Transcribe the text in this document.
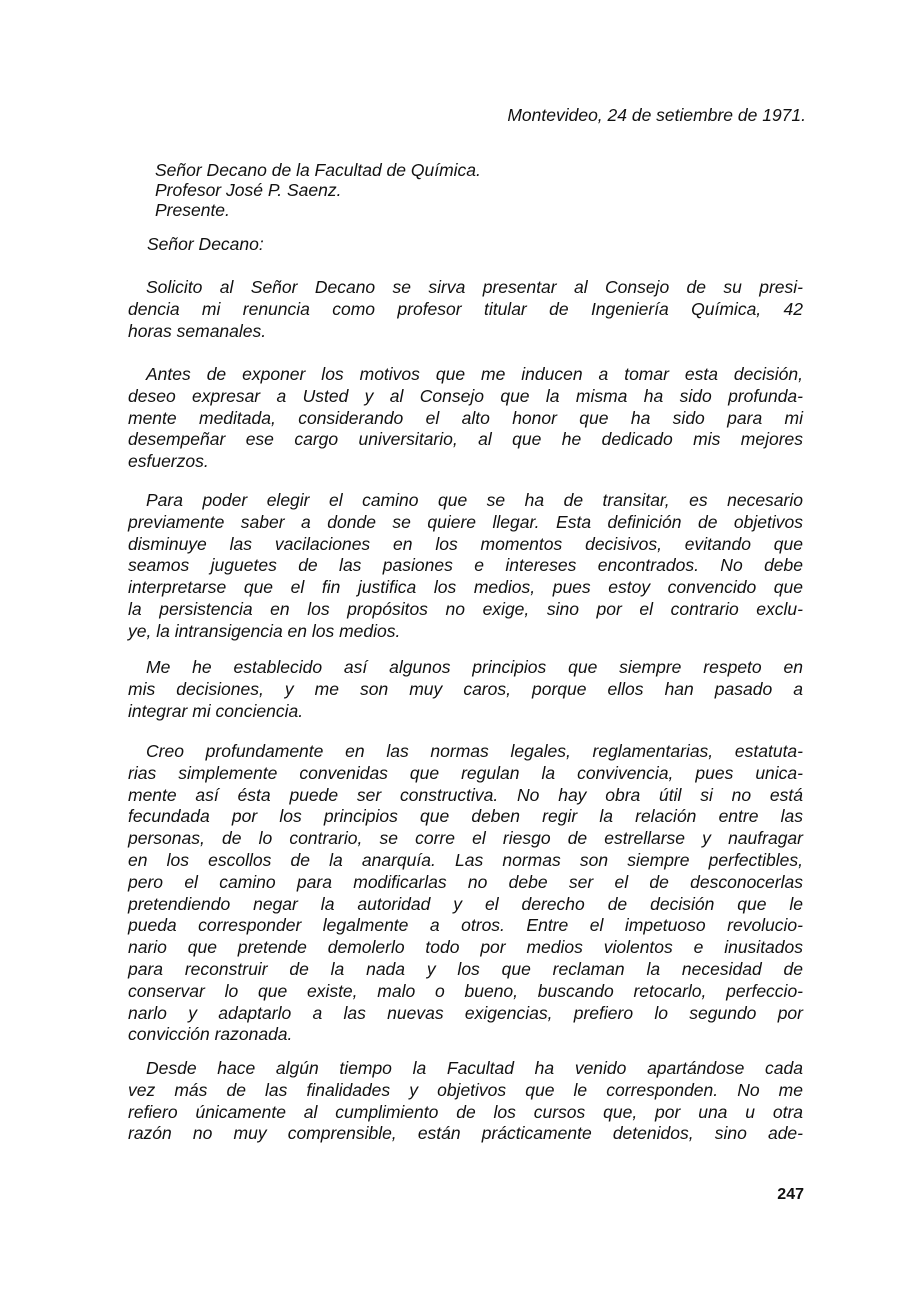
Montevideo, 24 de setiembre de 1971.
Señor Decano de la Facultad de Química.
Profesor José P. Saenz.
Presente.
Señor Decano:
Solicito al Señor Decano se sirva presentar al Consejo de su presi-
dencia mi renuncia como profesor titular de Ingeniería Química, 42
horas semanales.
Antes de exponer los motivos que me inducen a tomar esta decisión,
deseo expresar a Usted y al Consejo que la misma ha sido profunda-
mente meditada, considerando el alto honor que ha sido para mi
desempeñar ese cargo universitario, al que he dedicado mis mejores
esfuerzos.
Para poder elegir el camino que se ha de transitar, es necesario
previamente saber a donde se quiere llegar. Esta definición de objetivos
disminuye las vacilaciones en los momentos decisivos, evitando que
seamos juguetes de las pasiones e intereses encontrados. No debe
interpretarse que el fin justifica los medios, pues estoy convencido que
la persistencia en los propósitos no exige, sino por el contrario exclu-
ye, la intransigencia en los medios.
Me he establecido así algunos principios que siempre respeto en
mis decisiones, y me son muy caros, porque ellos han pasado a
integrar mi conciencia.
Creo profundamente en las normas legales, reglamentarias, estatuta-
rias simplemente convenidas que regulan la convivencia, pues unica-
mente así ésta puede ser constructiva. No hay obra útil si no está
fecundada por los principios que deben regir la relación entre las
personas, de lo contrario, se corre el riesgo de estrellarse y naufragar
en los escollos de la anarquía. Las normas son siempre perfectibles,
pero el camino para modificarlas no debe ser el de desconocerlas
pretendiendo negar la autoridad y el derecho de decisión que le
pueda corresponder legalmente a otros. Entre el impetuoso revolucio-
nario que pretende demolerlo todo por medios violentos e inusitados
para reconstruir de la nada y los que reclaman la necesidad de
conservar lo que existe, malo o bueno, buscando retocarlo, perfeccio-
narlo y adaptarlo a las nuevas exigencias, prefiero lo segundo por
convicción razonada.
Desde hace algún tiempo la Facultad ha venido apartándose cada
vez más de las finalidades y objetivos que le corresponden. No me
refiero únicamente al cumplimiento de los cursos que, por una u otra
razón no muy comprensible, están prácticamente detenidos, sino ade-
247
